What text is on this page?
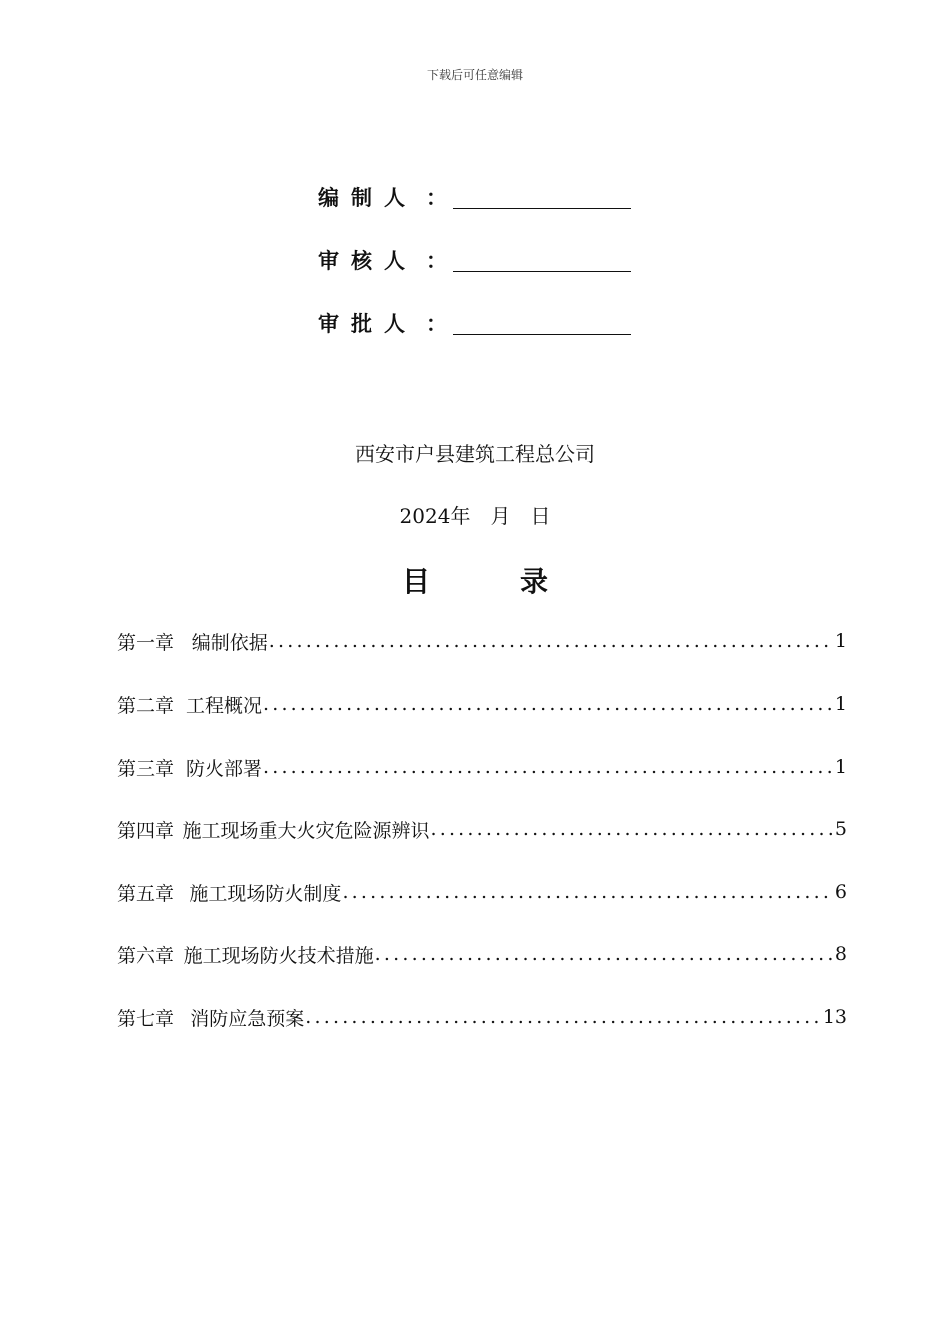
下载后可任意编辑
编制人 ：
审核人 ：
审批人 ：
西安市户县建筑工程总公司
2024年　月　日
目	录
第一章 编制依据 .....	1
第二章 工程概况 .....	1
第三章 防火部署 .....	1
第四章 施工现场重大火灾危险源辨识 .....	5
第五章 施工现场防火制度 .....	6
第六章 施工现场防火技术措施 .....	8
第七章 消防应急预案 .....	13
